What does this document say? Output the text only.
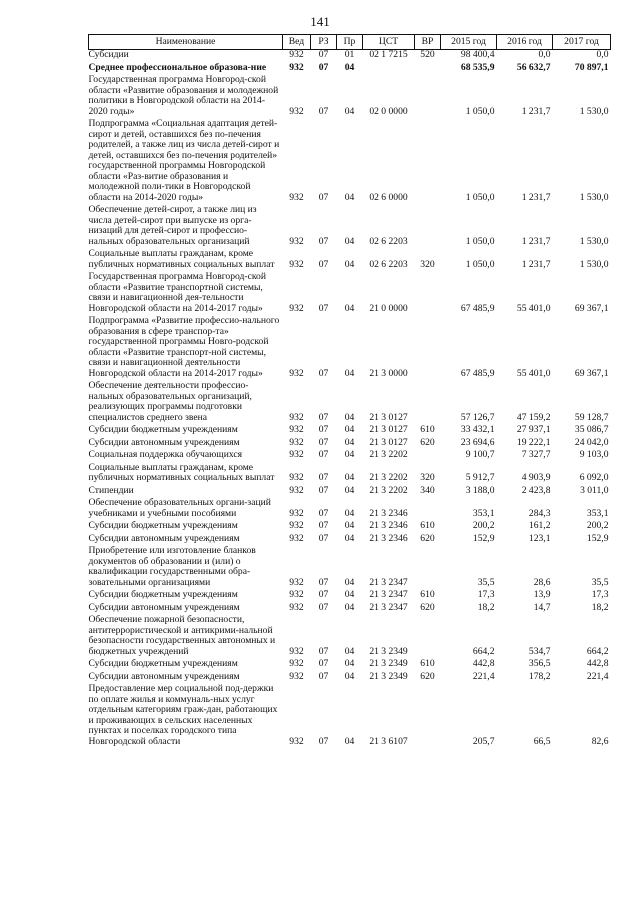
141
Наименование	Вед	РЗ	Пр	ЦСТ	ВР	2015 год	2016 год	2017 год
Субсидии	932	07	01	02 1 7215	520	98 400,4	0,0	0,0
Среднее профессиональное образова-ние	932	07	04			68 535,9	56 632,7	70 897,1
Государственная программа Новгород-ской области «Развитие образования и молодежной политики в Новгородской области на 2014-2020 годы»	932	07	04	02 0 0000		1 050,0	1 231,7	1 530,0
Подпрограмма «Социальная адаптация детей-сирот и детей, оставшихся без по-печения родителей, а также лиц из числа детей-сирот и детей, оставшихся без по-печения родителей» государственной программы Новгородской области «Раз-витие образования и молодежной поли-тики в Новгородской области на 2014-2020 годы»	932	07	04	02 6 0000		1 050,0	1 231,7	1 530,0
Обеспечение детей-сирот, а также лиц из числа детей-сирот при выпуске из орга-низаций для детей-сирот и профессио-нальных образовательных организаций	932	07	04	02 6 2203		1 050,0	1 231,7	1 530,0
Социальные выплаты гражданам, кроме публичных нормативных социальных выплат	932	07	04	02 6 2203	320	1 050,0	1 231,7	1 530,0
Государственная программа Новгород-ской области «Развитие транспортной системы, связи и навигационной дея-тельности Новгородской области на 2014-2017 годы»	932	07	04	21 0 0000		67 485,9	55 401,0	69 367,1
Подпрограмма «Развитие профессио-нального образования в сфере транспор-та» государственной программы Новго-родской области «Развитие транспорт-ной системы, связи и навигационной деятельности Новгородской области на 2014-2017 годы»	932	07	04	21 3 0000		67 485,9	55 401,0	69 367,1
Обеспечение деятельности профессио-нальных образовательных организаций, реализующих программы подготовки специалистов среднего звена	932	07	04	21 3 0127		57 126,7	47 159,2	59 128,7
Субсидии бюджетным учреждениям	932	07	04	21 3 0127	610	33 432,1	27 937,1	35 086,7
Субсидии автономным учреждениям	932	07	04	21 3 0127	620	23 694,6	19 222,1	24 042,0
Социальная поддержка обучающихся	932	07	04	21 3 2202		9 100,7	7 327,7	9 103,0
Социальные выплаты гражданам, кроме публичных нормативных социальных выплат	932	07	04	21 3 2202	320	5 912,7	4 903,9	6 092,0
Стипендии	932	07	04	21 3 2202	340	3 188,0	2 423,8	3 011,0
Обеспечение образовательных органи-заций учебниками и учебными пособиями	932	07	04	21 3 2346		353,1	284,3	353,1
Субсидии бюджетным учреждениям	932	07	04	21 3 2346	610	200,2	161,2	200,2
Субсидии автономным учреждениям	932	07	04	21 3 2346	620	152,9	123,1	152,9
Приобретение или изготовление бланков документов об образовании и (или) о квалификации государственными обра-зовательными организациями	932	07	04	21 3 2347		35,5	28,6	35,5
Субсидии бюджетным учреждениям	932	07	04	21 3 2347	610	17,3	13,9	17,3
Субсидии автономным учреждениям	932	07	04	21 3 2347	620	18,2	14,7	18,2
Обеспечение пожарной безопасности, антитеррористической и антикрими-нальной безопасности государственных автономных и бюджетных учреждений	932	07	04	21 3 2349		664,2	534,7	664,2
Субсидии бюджетным учреждениям	932	07	04	21 3 2349	610	442,8	356,5	442,8
Субсидии автономным учреждениям	932	07	04	21 3 2349	620	221,4	178,2	221,4
Предоставление мер социальной под-держки по оплате жилья и коммуналь-ных услуг отдельным категориям граж-дан, работающих и проживающих в сельских населенных пунктах и поселках городского типа Новгородской области	932	07	04	21 3 6107		205,7	66,5	82,6
